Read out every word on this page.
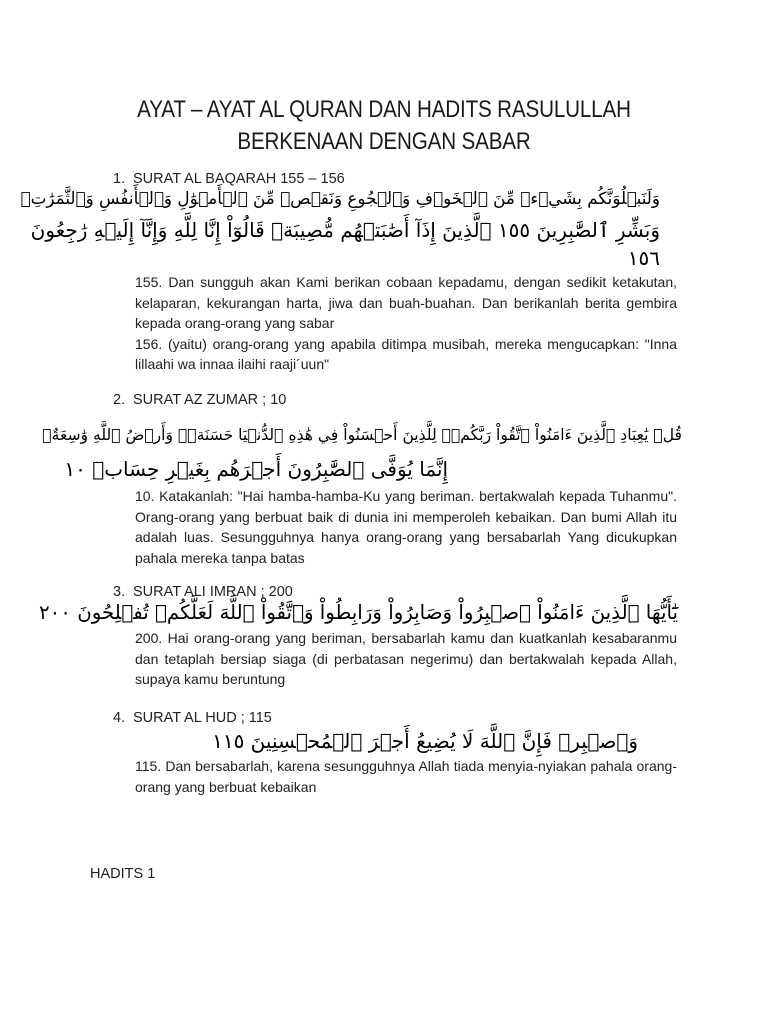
AYAT – AYAT AL QURAN DAN HADITS RASULULLAH
BERKENAAN DENGAN SABAR
1. SURAT AL BAQARAH 155 – 156
وَلَنَبۡلُوَنَّكُم بِشَيۡءٖ مِّنَ ٱلۡخَوۡفِ وَٱلۡجُوعِ وَنَقۡصٖ مِّنَ ٱلۡأَمۡوَٰلِ وَٱلۡأَنفُسِ وَٱلثَّمَرَٰتِۗ
وَبَشِّرِ ٱلصَّٰبِرِينَ ١٥٥ ٱلَّذِينَ إِذَآ أَصَٰبَتۡهُم مُّصِيبَةٞ قَالُوٓاْ إِنَّا لِلَّهِ وَإِنَّآ إِلَيۡهِ رَٰجِعُونَ
١٥٦

155. Dan sungguh akan Kami berikan cobaan kepadamu, dengan sedikit ketakutan, kelaparan, kekurangan harta, jiwa dan buah-buahan. Dan berikanlah berita gembira kepada orang-orang yang sabar

156. (yaitu) orang-orang yang apabila ditimpa musibah, mereka mengucapkan: "Inna lillaahi wa innaa ilaihi raaji´uun"

2. SURAT AZ ZUMAR ; 10
قُلۡ يَٰعِبَادِ ٱلَّذِينَ ءَامَنُواْ ٱتَّقُواْ رَبَّكُمۡۚ لِلَّذِينَ أَحۡسَنُواْ فِي هَٰذِهِ ٱلدُّنۡيَا حَسَنَةٞۗ وَأَرۡضُ ٱللَّهِ وَٰسِعَةٌۗ
إِنَّمَا يُوَفَّى ٱلصَّٰبِرُونَ أَجۡرَهُم بِغَيۡرِ حِسَابٖ ١٠

10. Katakanlah: "Hai hamba-hamba-Ku yang beriman. bertakwalah kepada Tuhanmu". Orang-orang yang berbuat baik di dunia ini memperoleh kebaikan. Dan bumi Allah itu adalah luas. Sesungguhnya hanya orang-orang yang bersabarlah Yang dicukupkan pahala mereka tanpa batas

3. SURAT ALI IMRAN ; 200
يَٰٓأَيُّهَا ٱلَّذِينَ ءَامَنُواْ ٱصۡبِرُواْ وَصَابِرُواْ وَرَابِطُواْ وَٱتَّقُواْ ٱللَّهَ لَعَلَّكُمۡ تُفۡلِحُونَ ٢٠٠

200. Hai orang-orang yang beriman, bersabarlah kamu dan kuatkanlah kesabaranmu dan tetaplah bersiap siaga (di perbatasan negerimu) dan bertakwalah kepada Allah, supaya kamu beruntung

4. SURAT AL HUD ; 115
وَٱصۡبِرۡ فَإِنَّ ٱللَّهَ لَا يُضِيعُ أَجۡرَ ٱلۡمُحۡسِنِينَ ١١٥

115. Dan bersabarlah, karena sesungguhnya Allah tiada menyia-nyiakan pahala orang-orang yang berbuat kebaikan

HADITS 1
